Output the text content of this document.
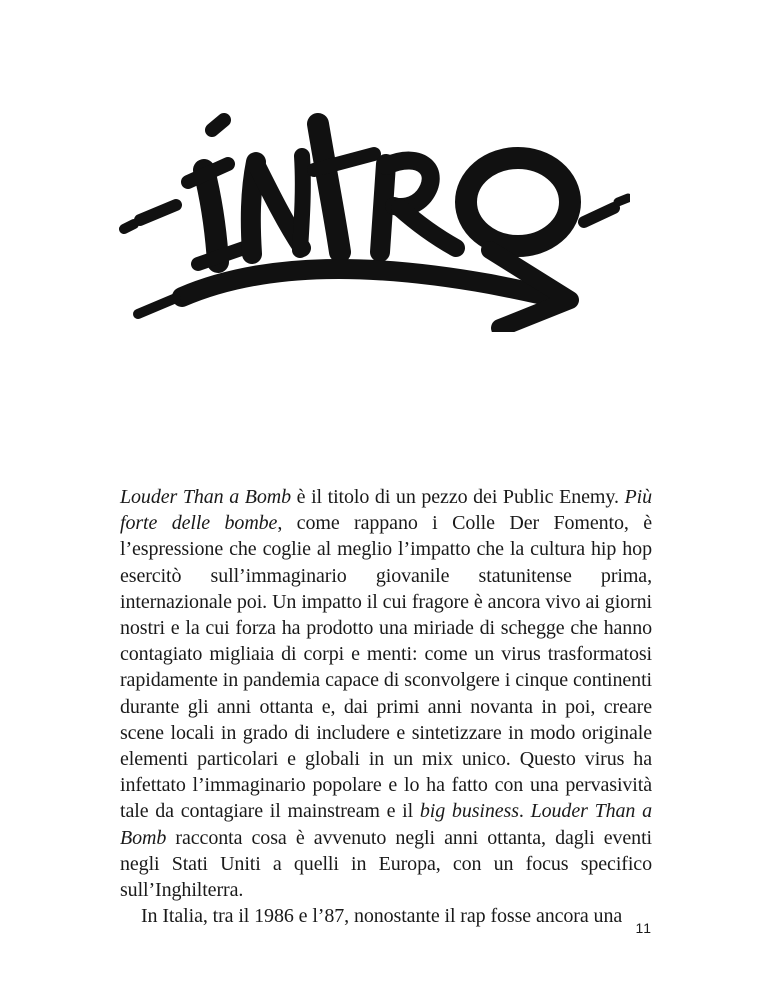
Louder Than a Bomb è il titolo di un pezzo dei Public Enemy. Più forte delle bombe, come rappano i Colle Der Fomento, è l’espressione che coglie al meglio l’impatto che la cultura hip hop esercitò sull’immaginario giovanile statunitense prima, internazionale poi. Un impatto il cui fragore è ancora vivo ai giorni nostri e la cui forza ha prodotto una miriade di schegge che hanno contagiato migliaia di corpi e menti: come un virus trasformatosi rapidamente in pandemia capace di sconvolgere i cinque continenti durante gli anni ottanta e, dai primi anni novanta in poi, creare scene locali in grado di includere e sintetizzare in modo originale elementi particolari e globali in un mix unico. Questo virus ha infettato l’immaginario popolare e lo ha fatto con una pervasività tale da contagiare il mainstream e il big business. Louder Than a Bomb racconta cosa è avvenuto negli anni ottanta, dagli eventi negli Stati Uniti a quelli in Europa, con un focus specifico sull’Inghilterra.

In Italia, tra il 1986 e l’87, nonostante il rap fosse ancora una

11
